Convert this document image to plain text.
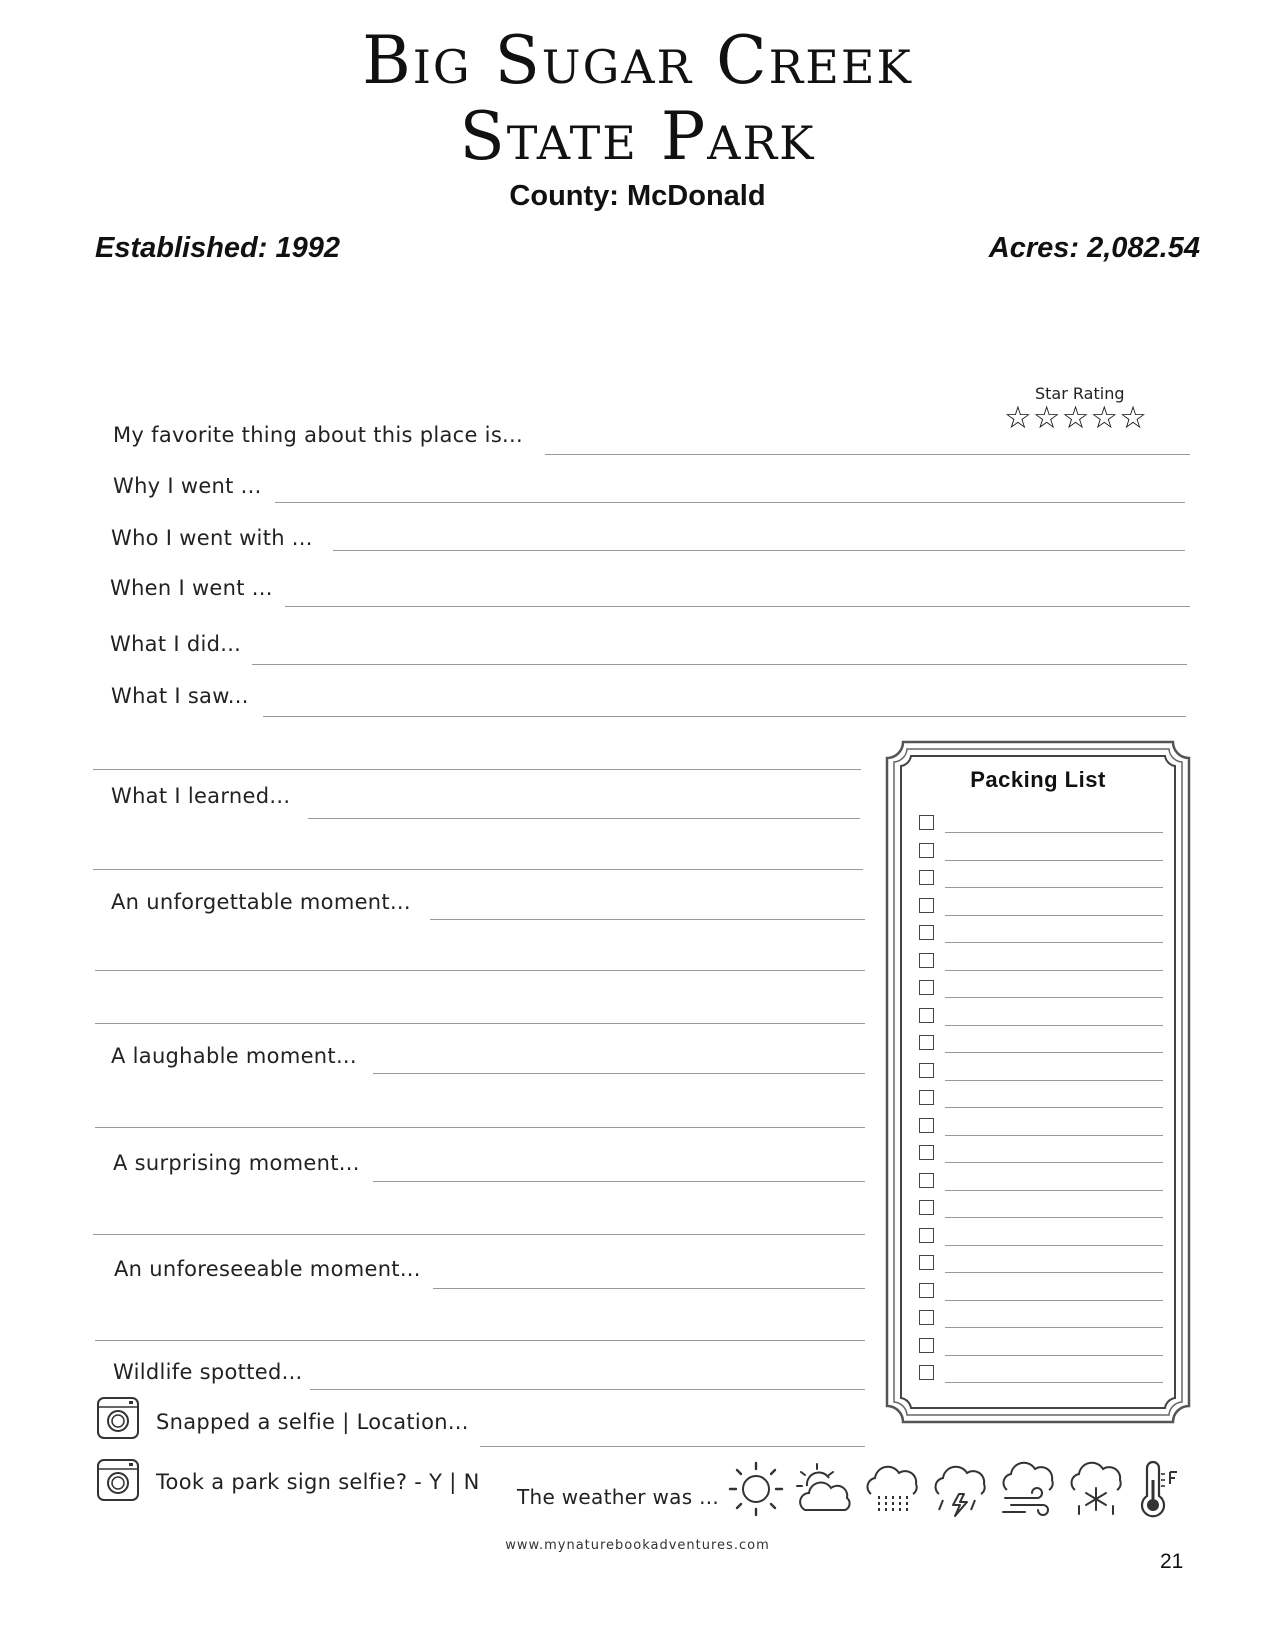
Big Sugar Creek
State Park
County: McDonald
Established: 1992	Acres: 2,082.54
Star Rating
☆☆☆☆☆
My favorite thing about this place is...
Why I went ...
Who I went with ...
When I went ...
What I did...
What I saw...
What I learned...
An unforgettable moment...
A laughable moment...
A surprising moment...
An unforeseeable moment...
Wildlife spotted...
Snapped a selfie | Location...
Took a park sign selfie? - Y | N
The weather was ...
Packing List
www.mynaturebookadventures.com
21
